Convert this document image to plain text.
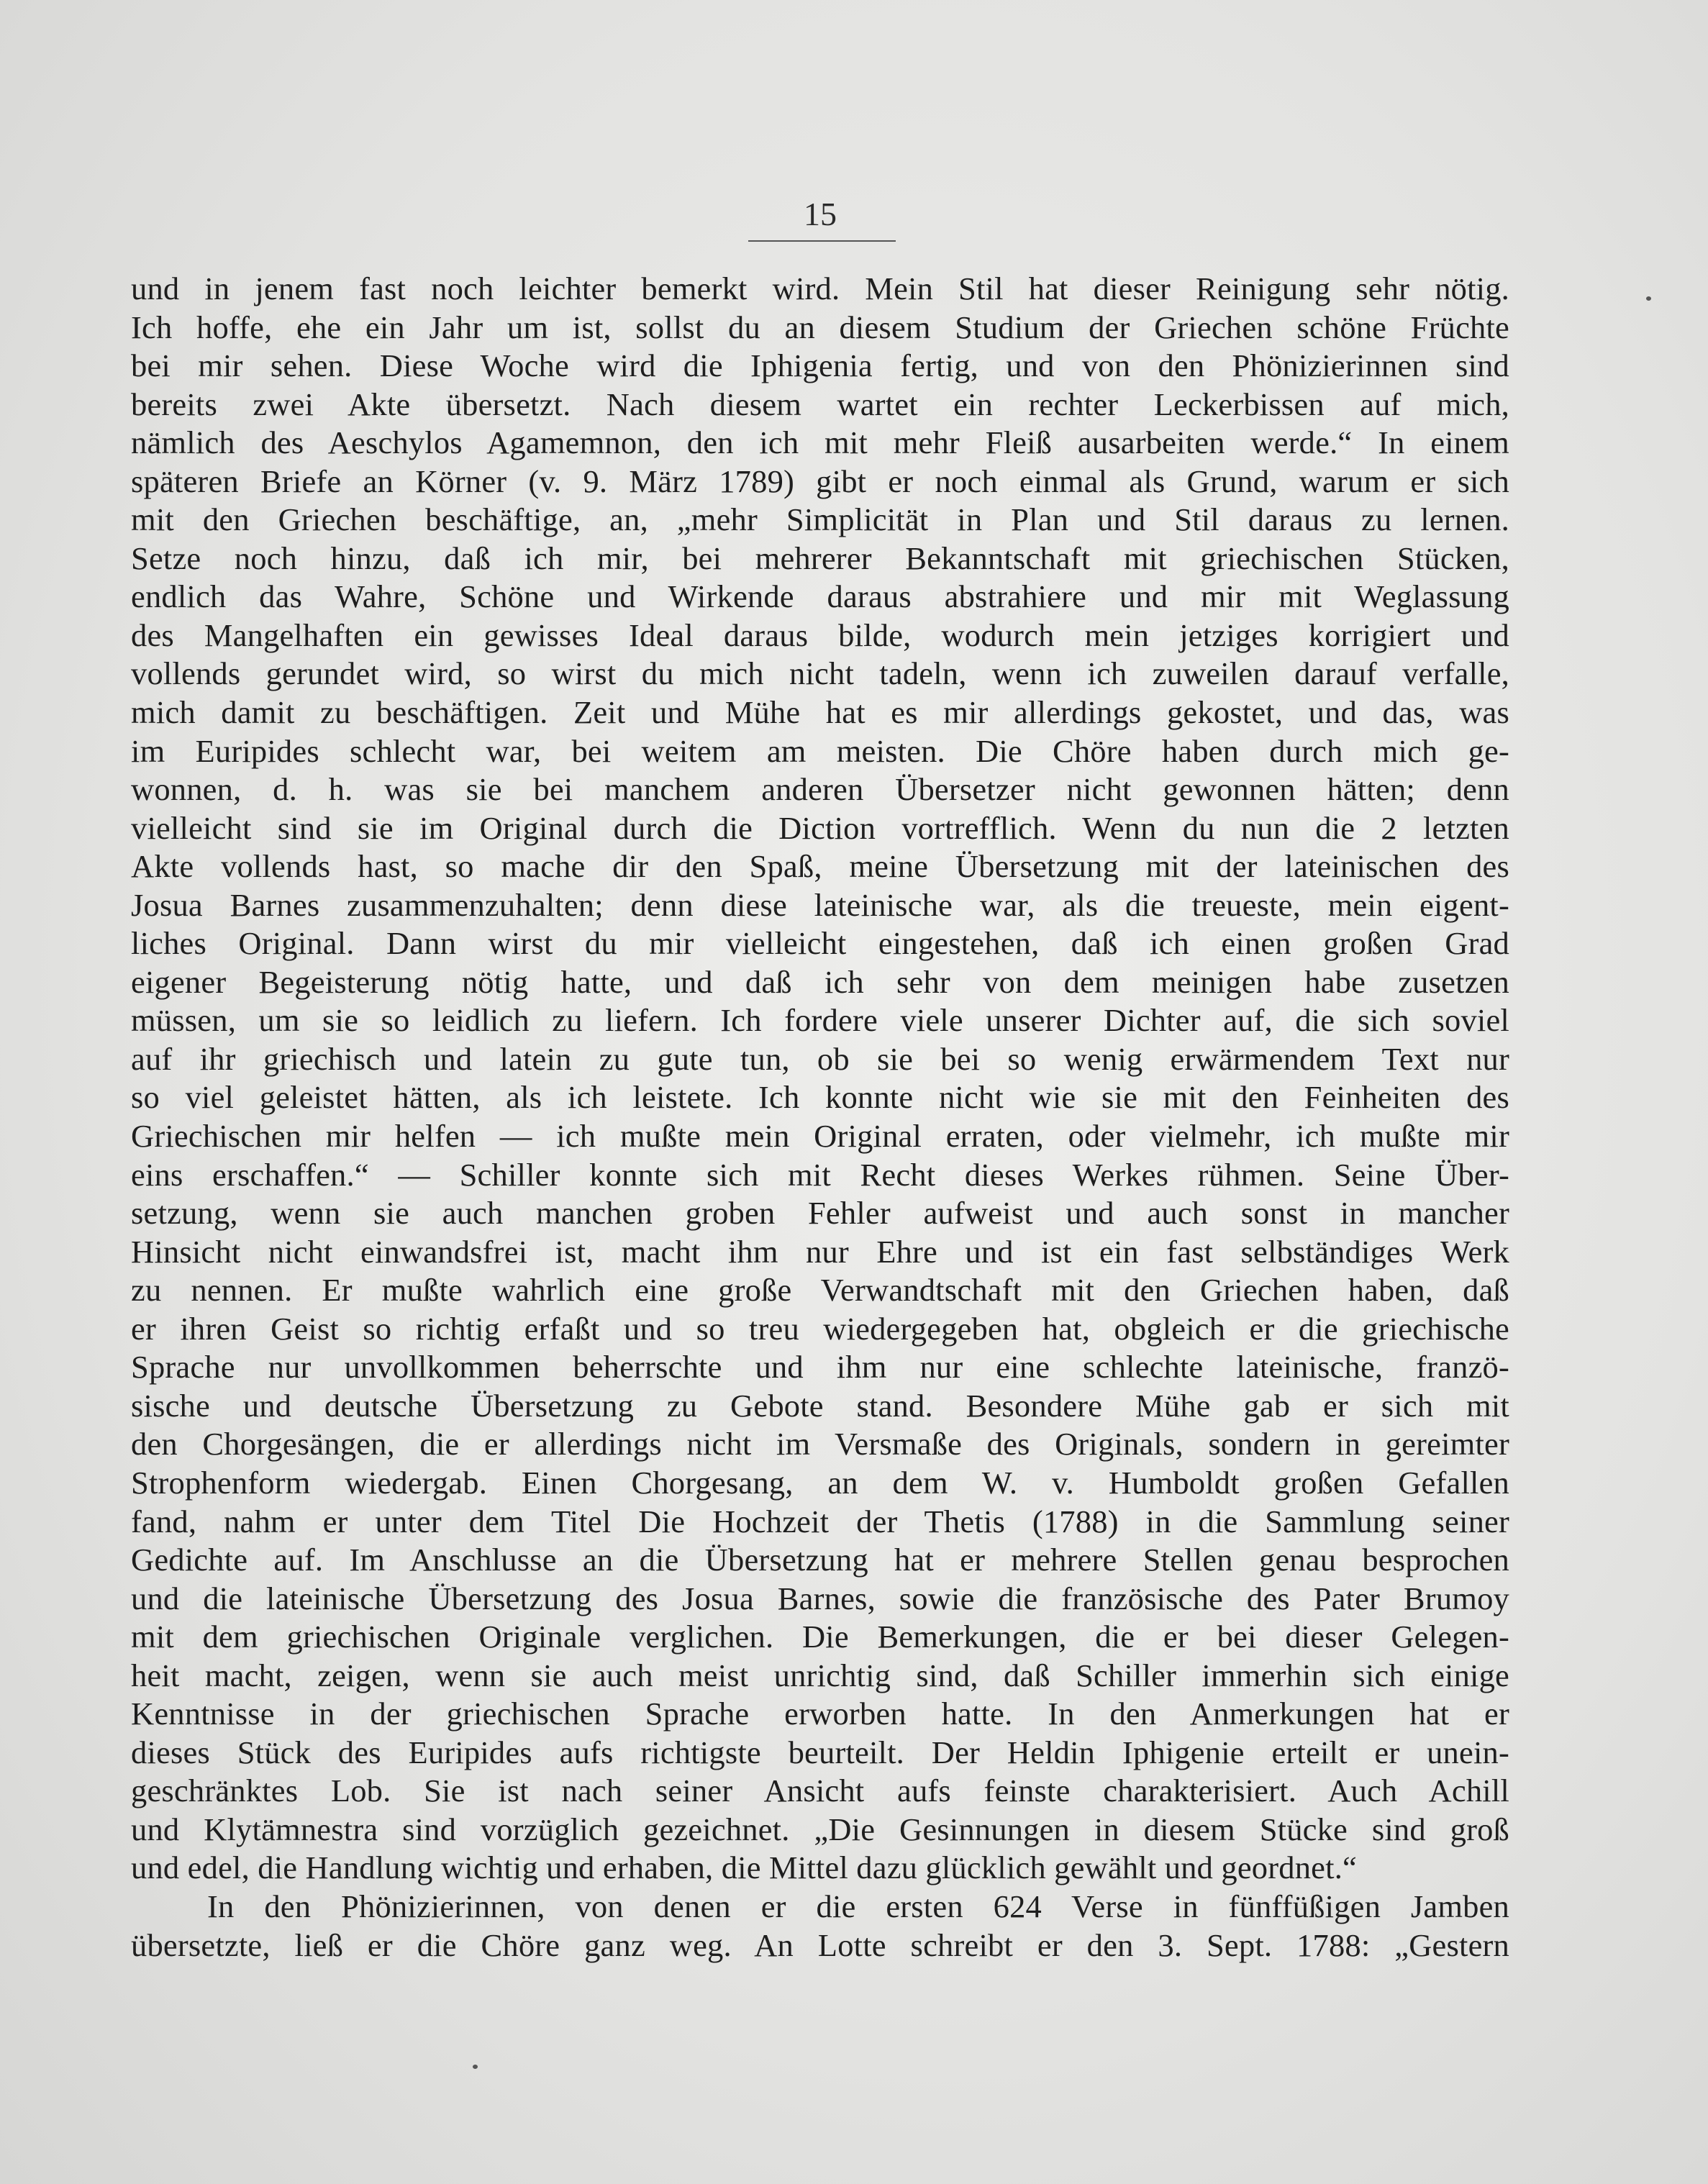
15
und in jenem fast noch leichter bemerkt wird. Mein Stil hat dieser Reinigung sehr nötig.
Ich hoffe, ehe ein Jahr um ist, sollst du an diesem Studium der Griechen schöne Früchte
bei mir sehen. Diese Woche wird die Iphigenia fertig, und von den Phönizierinnen sind
bereits zwei Akte übersetzt. Nach diesem wartet ein rechter Leckerbissen auf mich,
nämlich des Aeschylos Agamemnon, den ich mit mehr Fleiß ausarbeiten werde.“ In einem
späteren Briefe an Körner (v. 9. März 1789) gibt er noch einmal als Grund, warum er sich
mit den Griechen beschäftige, an, „mehr Simplicität in Plan und Stil daraus zu lernen.
Setze noch hinzu, daß ich mir, bei mehrerer Bekanntschaft mit griechischen Stücken,
endlich das Wahre, Schöne und Wirkende daraus abstrahiere und mir mit Weglassung
des Mangelhaften ein gewisses Ideal daraus bilde, wodurch mein jetziges korrigiert und
vollends gerundet wird, so wirst du mich nicht tadeln, wenn ich zuweilen darauf verfalle,
mich damit zu beschäftigen. Zeit und Mühe hat es mir allerdings gekostet, und das, was
im Euripides schlecht war, bei weitem am meisten. Die Chöre haben durch mich ge-
wonnen, d. h. was sie bei manchem anderen Übersetzer nicht gewonnen hätten; denn
vielleicht sind sie im Original durch die Diction vortrefflich. Wenn du nun die 2 letzten
Akte vollends hast, so mache dir den Spaß, meine Übersetzung mit der lateinischen des
Josua Barnes zusammenzuhalten; denn diese lateinische war, als die treueste, mein eigent-
liches Original. Dann wirst du mir vielleicht eingestehen, daß ich einen großen Grad
eigener Begeisterung nötig hatte, und daß ich sehr von dem meinigen habe zusetzen
müssen, um sie so leidlich zu liefern. Ich fordere viele unserer Dichter auf, die sich soviel
auf ihr griechisch und latein zu gute tun, ob sie bei so wenig erwärmendem Text nur
so viel geleistet hätten, als ich leistete. Ich konnte nicht wie sie mit den Feinheiten des
Griechischen mir helfen — ich mußte mein Original erraten, oder vielmehr, ich mußte mir
eins erschaffen.“ — Schiller konnte sich mit Recht dieses Werkes rühmen. Seine Über-
setzung, wenn sie auch manchen groben Fehler aufweist und auch sonst in mancher
Hinsicht nicht einwandsfrei ist, macht ihm nur Ehre und ist ein fast selbständiges Werk
zu nennen. Er mußte wahrlich eine große Verwandtschaft mit den Griechen haben, daß
er ihren Geist so richtig erfaßt und so treu wiedergegeben hat, obgleich er die griechische
Sprache nur unvollkommen beherrschte und ihm nur eine schlechte lateinische, franzö-
sische und deutsche Übersetzung zu Gebote stand. Besondere Mühe gab er sich mit
den Chorgesängen, die er allerdings nicht im Versmaße des Originals, sondern in gereimter
Strophenform wiedergab. Einen Chorgesang, an dem W. v. Humboldt großen Gefallen
fand, nahm er unter dem Titel Die Hochzeit der Thetis (1788) in die Sammlung seiner
Gedichte auf. Im Anschlusse an die Übersetzung hat er mehrere Stellen genau besprochen
und die lateinische Übersetzung des Josua Barnes, sowie die französische des Pater Brumoy
mit dem griechischen Originale verglichen. Die Bemerkungen, die er bei dieser Gelegen-
heit macht, zeigen, wenn sie auch meist unrichtig sind, daß Schiller immerhin sich einige
Kenntnisse in der griechischen Sprache erworben hatte. In den Anmerkungen hat er
dieses Stück des Euripides aufs richtigste beurteilt. Der Heldin Iphigenie erteilt er unein-
geschränktes Lob. Sie ist nach seiner Ansicht aufs feinste charakterisiert. Auch Achill
und Klytämnestra sind vorzüglich gezeichnet. „Die Gesinnungen in diesem Stücke sind groß
und edel, die Handlung wichtig und erhaben, die Mittel dazu glücklich gewählt und geordnet.“
In den Phönizierinnen, von denen er die ersten 624 Verse in fünffüßigen Jamben
übersetzte, ließ er die Chöre ganz weg. An Lotte schreibt er den 3. Sept. 1788: „Gestern
